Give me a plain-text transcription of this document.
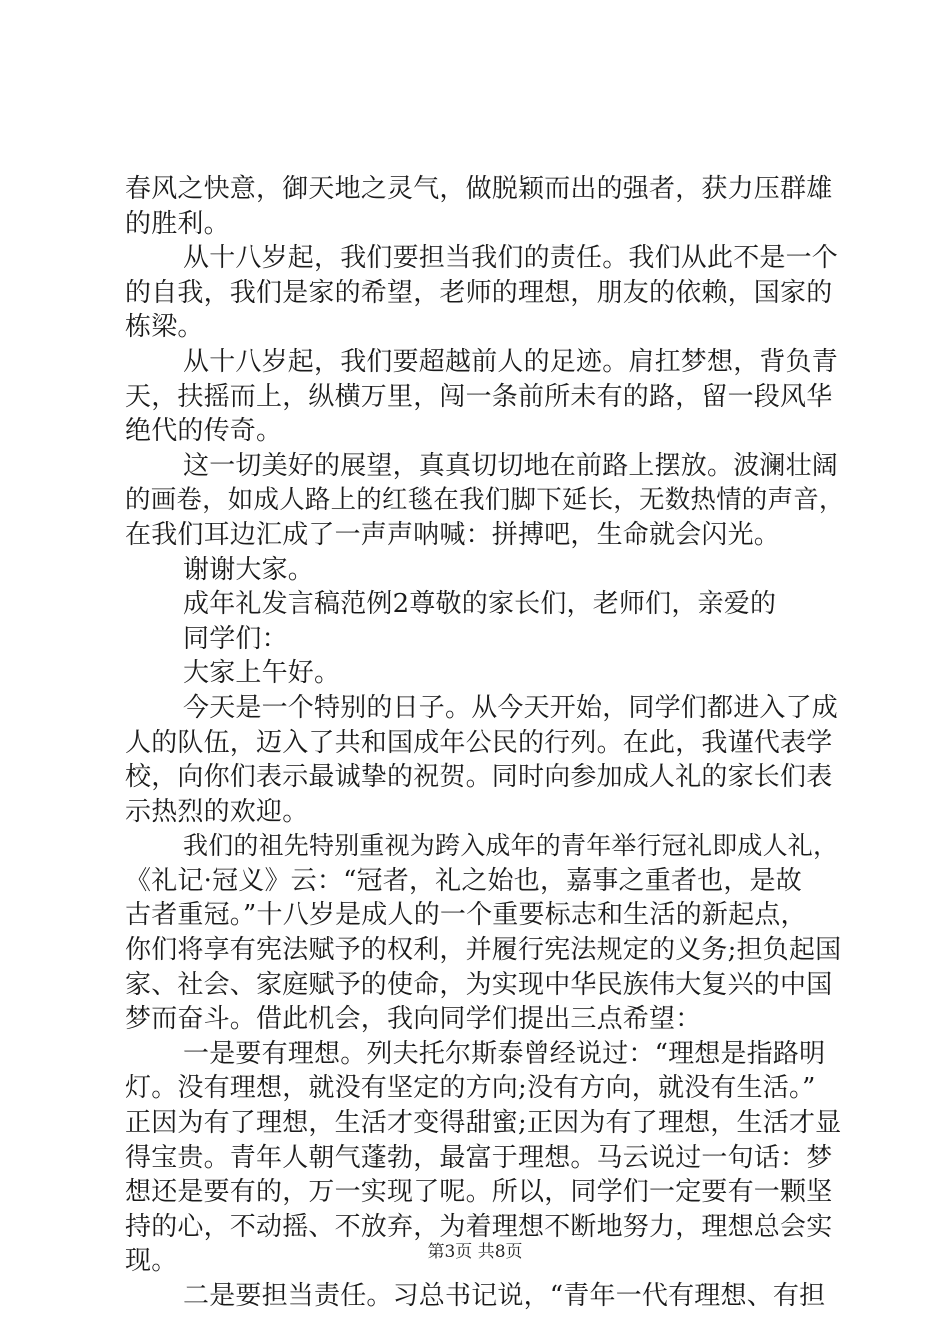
春风之快意，御天地之灵气，做脱颖而出的强者，获力压群雄
的胜利。
从十八岁起，我们要担当我们的责任。我们从此不是一个
的自我，我们是家的希望，老师的理想，朋友的依赖，国家的
栋梁。
从十八岁起，我们要超越前人的足迹。肩扛梦想，背负青
天，扶摇而上，纵横万里，闯一条前所未有的路，留一段风华
绝代的传奇。
这一切美好的展望，真真切切地在前路上摆放。波澜壮阔
的画卷，如成人路上的红毯在我们脚下延长，无数热情的声音，
在我们耳边汇成了一声声呐喊：拼搏吧，生命就会闪光。
谢谢大家。
成年礼发言稿范例2尊敬的家长们，老师们，亲爱的
同学们：
大家上午好。
今天是一个特别的日子。从今天开始，同学们都进入了成
人的队伍，迈入了共和国成年公民的行列。在此，我谨代表学
校，向你们表示最诚挚的祝贺。同时向参加成人礼的家长们表
示热烈的欢迎。
我们的祖先特别重视为跨入成年的青年举行冠礼即成人礼，
《礼记·冠义》云：“冠者，礼之始也，嘉事之重者也，是故
古者重冠。”十八岁是成人的一个重要标志和生活的新起点，
你们将享有宪法赋予的权利，并履行宪法规定的义务;担负起国
家、社会、家庭赋予的使命，为实现中华民族伟大复兴的中国
梦而奋斗。借此机会，我向同学们提出三点希望：
一是要有理想。列夫托尔斯泰曾经说过：“理想是指路明
灯。没有理想，就没有坚定的方向;没有方向，就没有生活。”
正因为有了理想，生活才变得甜蜜;正因为有了理想，生活才显
得宝贵。青年人朝气蓬勃，最富于理想。马云说过一句话：梦
想还是要有的，万一实现了呢。所以，同学们一定要有一颗坚
持的心，不动摇、不放弃，为着理想不断地努力，理想总会实
现。
二是要担当责任。习总书记说，“青年一代有理想、有担
第3页 共8页
